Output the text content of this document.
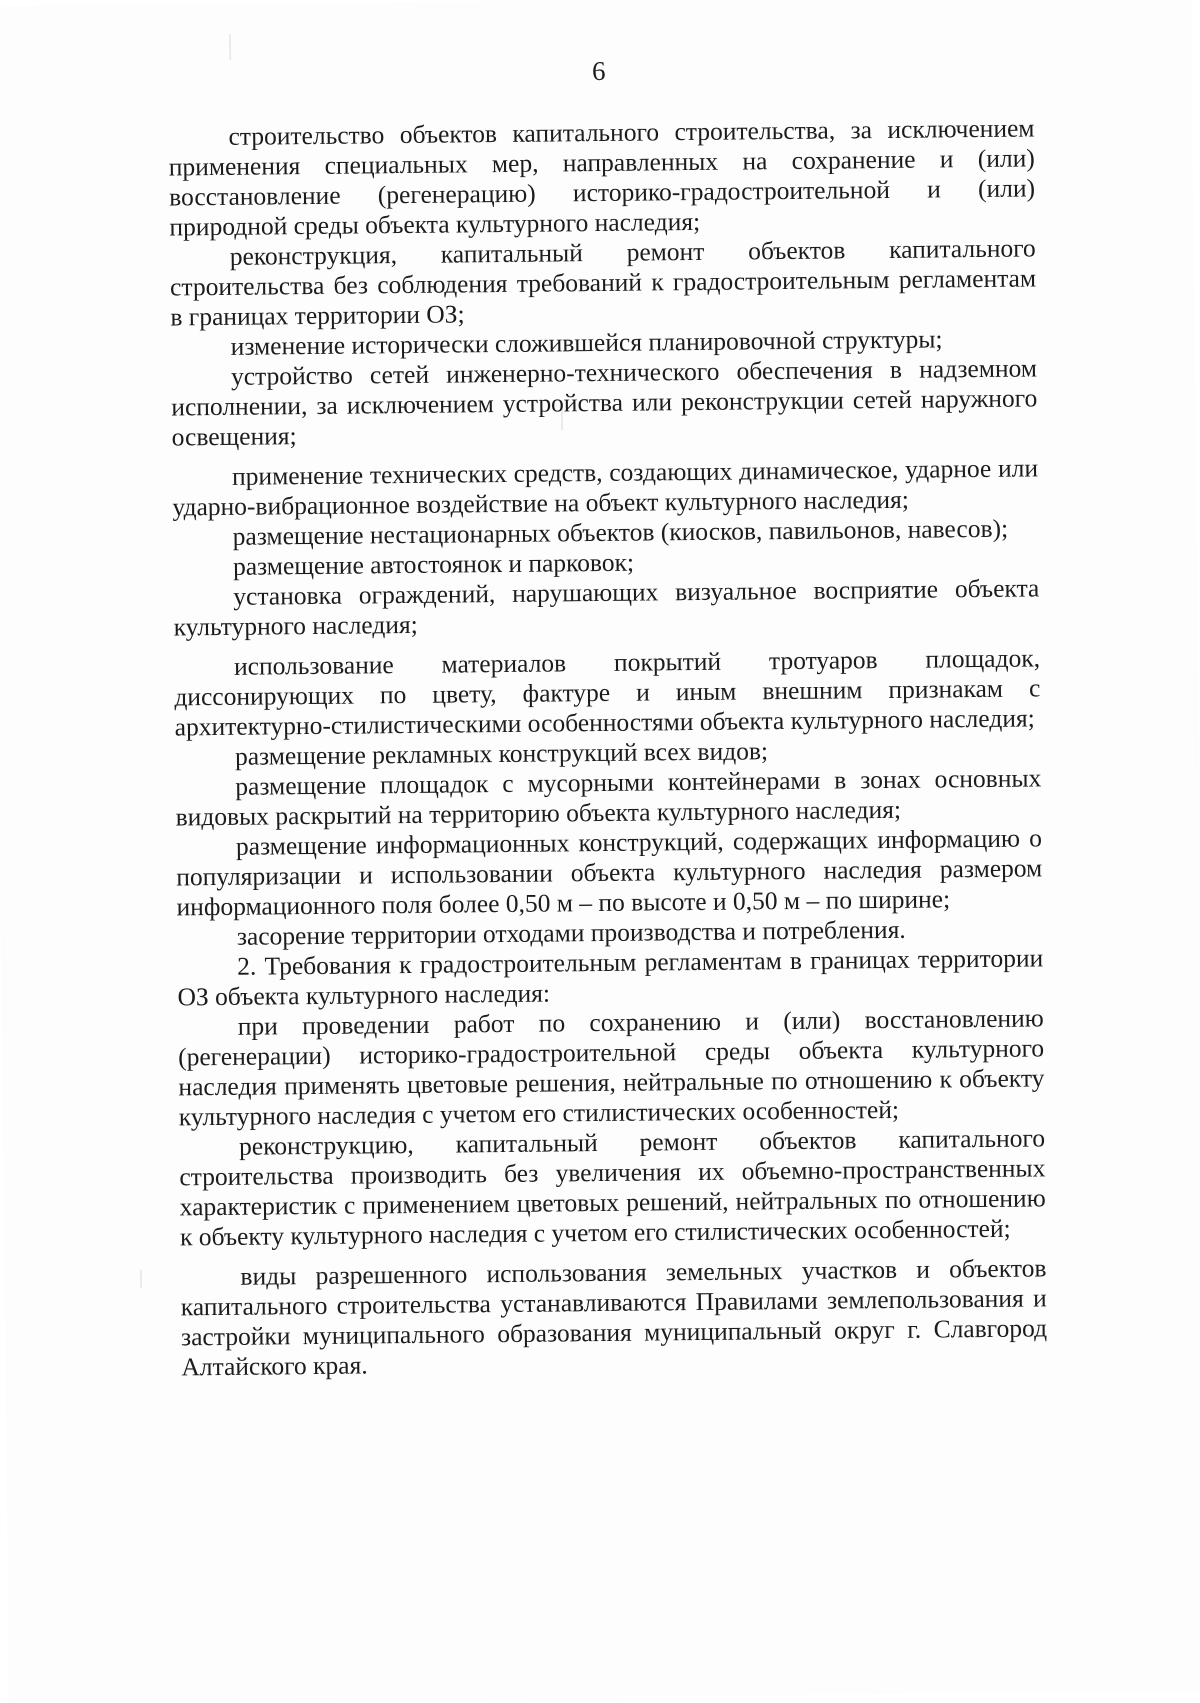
6

строительство объектов капитального строительства, за исключением применения специальных мер, направленных на сохранение и (или) восстановление (регенерацию) историко-градостроительной и (или) природной среды объекта культурного наследия;

реконструкция, капитальный ремонт объектов капитального строительства без соблюдения требований к градостроительным регламентам в границах территории ОЗ;

изменение исторически сложившейся планировочной структуры;

устройство сетей инженерно-технического обеспечения в надземном исполнении, за исключением устройства или реконструкции сетей наружного освещения;

применение технических средств, создающих динамическое, ударное или ударно-вибрационное воздействие на объект культурного наследия;

размещение нестационарных объектов (киосков, павильонов, навесов);

размещение автостоянок и парковок;

установка ограждений, нарушающих визуальное восприятие объекта культурного наследия;

использование материалов покрытий тротуаров площадок, диссонирующих по цвету, фактуре и иным внешним признакам с архитектурно-стилистическими особенностями объекта культурного наследия;

размещение рекламных конструкций всех видов;

размещение площадок с мусорными контейнерами в зонах основных видовых раскрытий на территорию объекта культурного наследия;

размещение информационных конструкций, содержащих информацию о популяризации и использовании объекта культурного наследия размером информационного поля более 0,50 м – по высоте и 0,50 м – по ширине;

засорение территории отходами производства и потребления.

2. Требования к градостроительным регламентам в границах территории ОЗ объекта культурного наследия:

при проведении работ по сохранению и (или) восстановлению (регенерации) историко-градостроительной среды объекта культурного наследия применять цветовые решения, нейтральные по отношению к объекту культурного наследия с учетом его стилистических особенностей;

реконструкцию, капитальный ремонт объектов капитального строительства производить без увеличения их объемно-пространственных характеристик с применением цветовых решений, нейтральных по отношению к объекту культурного наследия с учетом его стилистических особенностей;

виды разрешенного использования земельных участков и объектов капитального строительства устанавливаются Правилами землепользования и застройки муниципального образования муниципальный округ г. Славгород Алтайского края.
